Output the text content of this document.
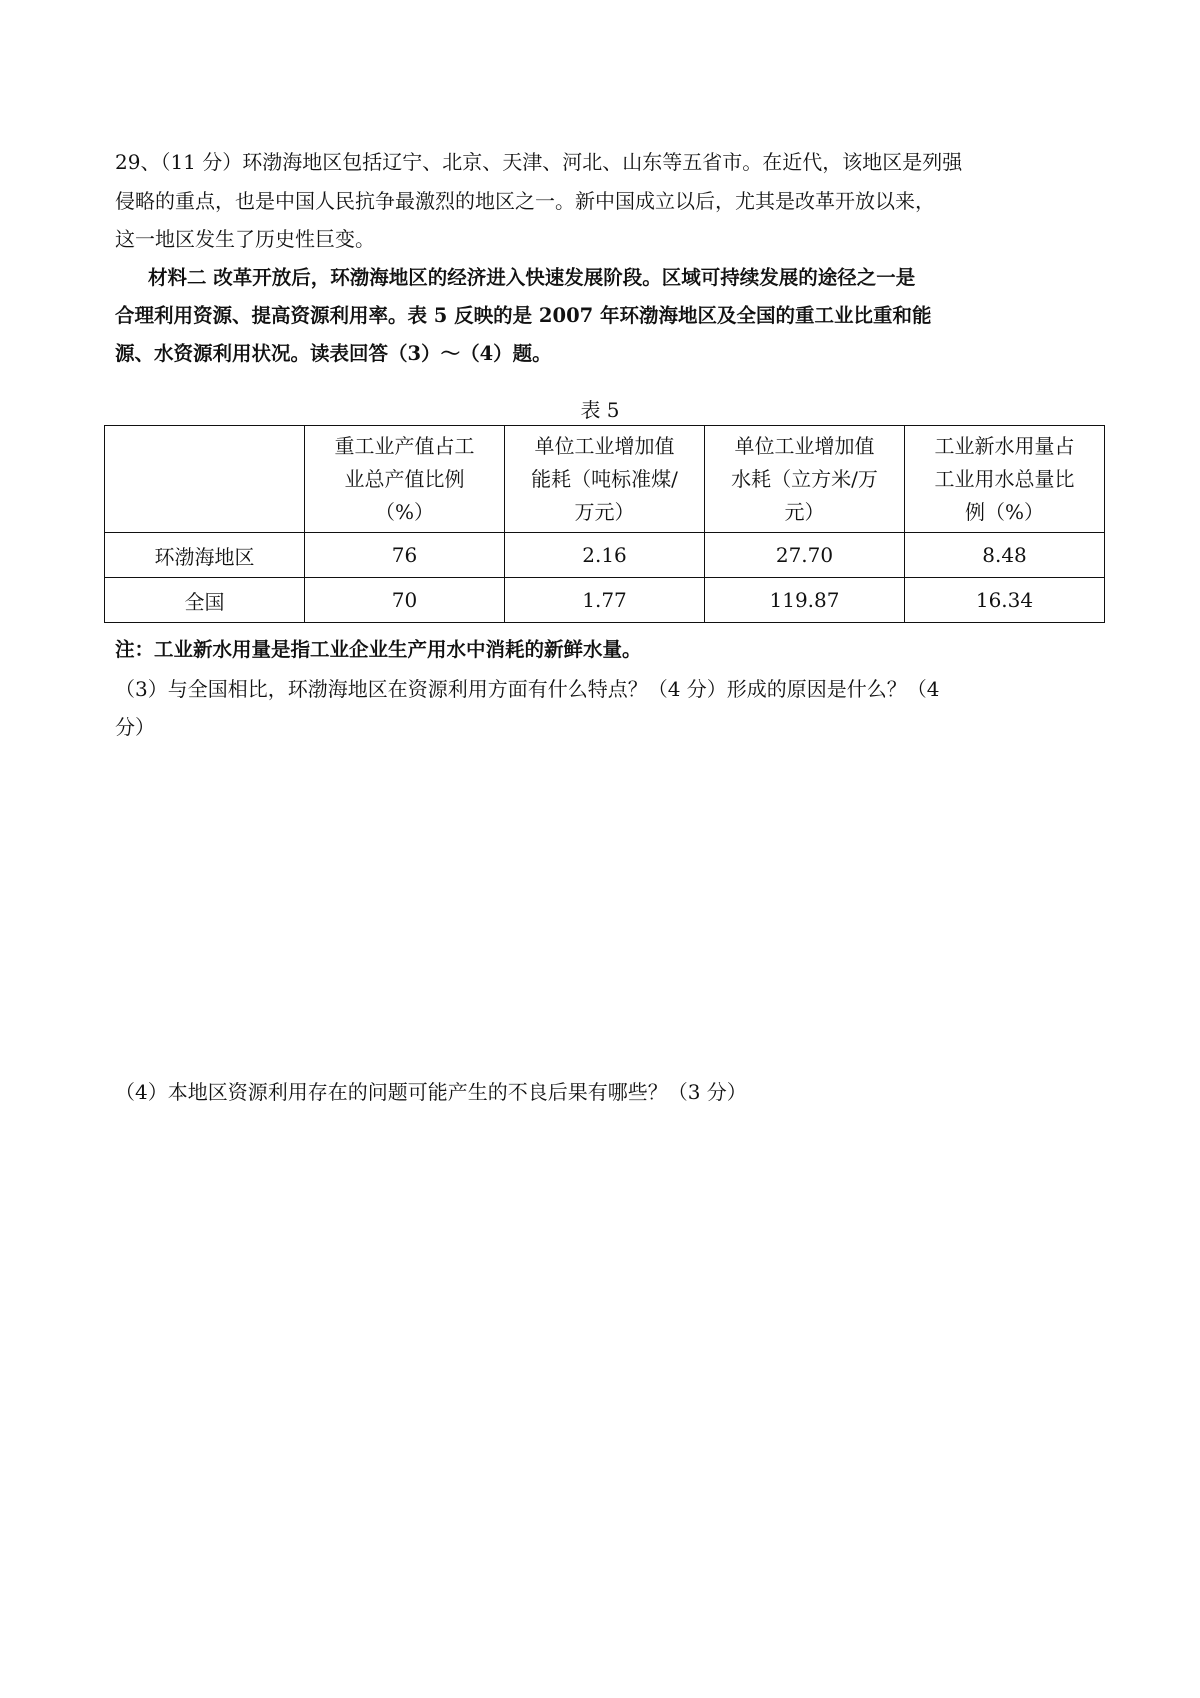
29、（11 分）环渤海地区包括辽宁、北京、天津、河北、山东等五省市。在近代，该地区是列强
侵略的重点，也是中国人民抗争最激烈的地区之一。新中国成立以后，尤其是改革开放以来，
这一地区发生了历史性巨变。
材料二 改革开放后，环渤海地区的经济进入快速发展阶段。区域可持续发展的途径之一是
合理利用资源、提高资源利用率。表 5 反映的是 2007 年环渤海地区及全国的重工业比重和能
源、水资源利用状况。读表回答（3）～（4）题。
表 5

	重工业产值占工
业总产值比例
（%）	单位工业增加值
能耗（吨标准煤/
万元）	单位工业增加值
水耗（立方米/万
元）	工业新水用量占
工业用水总量比
例（%）

环渤海地区	76	2.16	27.70	8.48
全国	70	1.77	119.87	16.34
注：工业新水用量是指工业企业生产用水中消耗的新鲜水量。
（3）与全国相比，环渤海地区在资源利用方面有什么特点？（4 分）形成的原因是什么？（4
分）
（4）本地区资源利用存在的问题可能产生的不良后果有哪些？（3 分）
